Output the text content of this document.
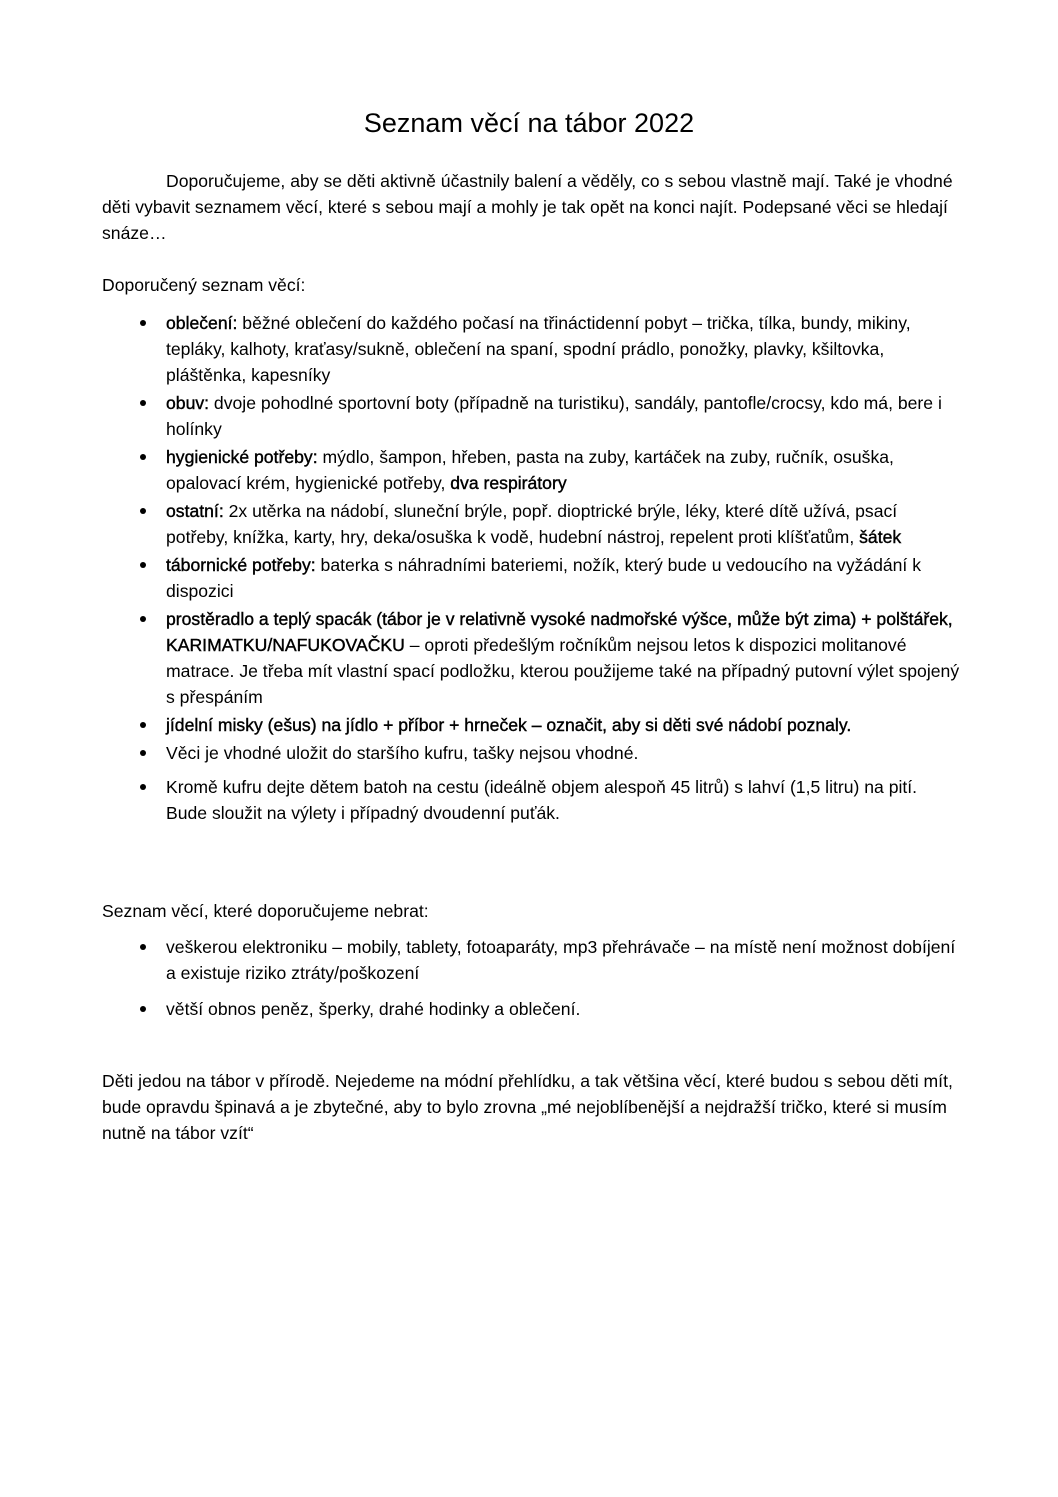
Seznam věcí na tábor 2022
Doporučujeme, aby se děti aktivně účastnily balení a věděly, co s sebou vlastně mají. Také je vhodné děti vybavit seznamem věcí, které s sebou mají a mohly je tak opět na konci najít. Podepsané věci se hledají snáze…
Doporučený seznam věcí:
oblečení: běžné oblečení do každého počasí na třináctidenní pobyt – trička, tílka, bundy, mikiny, tepláky, kalhoty, kraťasy/sukně, oblečení na spaní, spodní prádlo, ponožky, plavky, kšiltovka, pláštěnka, kapesníky
obuv: dvoje pohodlné sportovní boty (případně na turistiku), sandály, pantofle/crocsy, kdo má, bere i holínky
hygienické potřeby: mýdlo, šampon, hřeben, pasta na zuby, kartáček na zuby, ručník, osuška, opalovací krém, hygienické potřeby, dva respirátory
ostatní: 2x utěrka na nádobí, sluneční brýle, popř. dioptrické brýle, léky, které dítě užívá, psací potřeby, knížka, karty, hry, deka/osuška k vodě, hudební nástroj, repelent proti klíšťatům, šátek
tábornické potřeby: baterka s náhradními bateriemi, nožík, který bude u vedoucího na vyžádání k dispozici
prostěradlo a teplý spacák (tábor je v relativně vysoké nadmořské výšce, může být zima) + polštářek, KARIMATKU/NAFUKOVAČKU – oproti předešlým ročníkům nejsou letos k dispozici molitanové matrace. Je třeba mít vlastní spací podložku, kterou použijeme také na případný putovní výlet spojený s přespáním
jídelní misky (ešus) na jídlo + příbor + hrneček – označit, aby si děti své nádobí poznaly.
Věci je vhodné uložit do staršího kufru, tašky nejsou vhodné.
Kromě kufru dejte dětem batoh na cestu (ideálně objem alespoň 45 litrů) s lahví (1,5 litru) na pití. Bude sloužit na výlety i případný dvoudenní puťák.
Seznam věcí, které doporučujeme nebrat:
veškerou elektroniku – mobily, tablety, fotoaparáty, mp3 přehrávače – na místě není možnost dobíjení a existuje riziko ztráty/poškození
větší obnos peněz, šperky, drahé hodinky a oblečení.
Děti jedou na tábor v přírodě. Nejedeme na módní přehlídku, a tak většina věcí, které budou s sebou děti mít, bude opravdu špinavá a je zbytečné, aby to bylo zrovna „mé nejoblíbenější a nejdražší tričko, které si musím nutně na tábor vzít“
